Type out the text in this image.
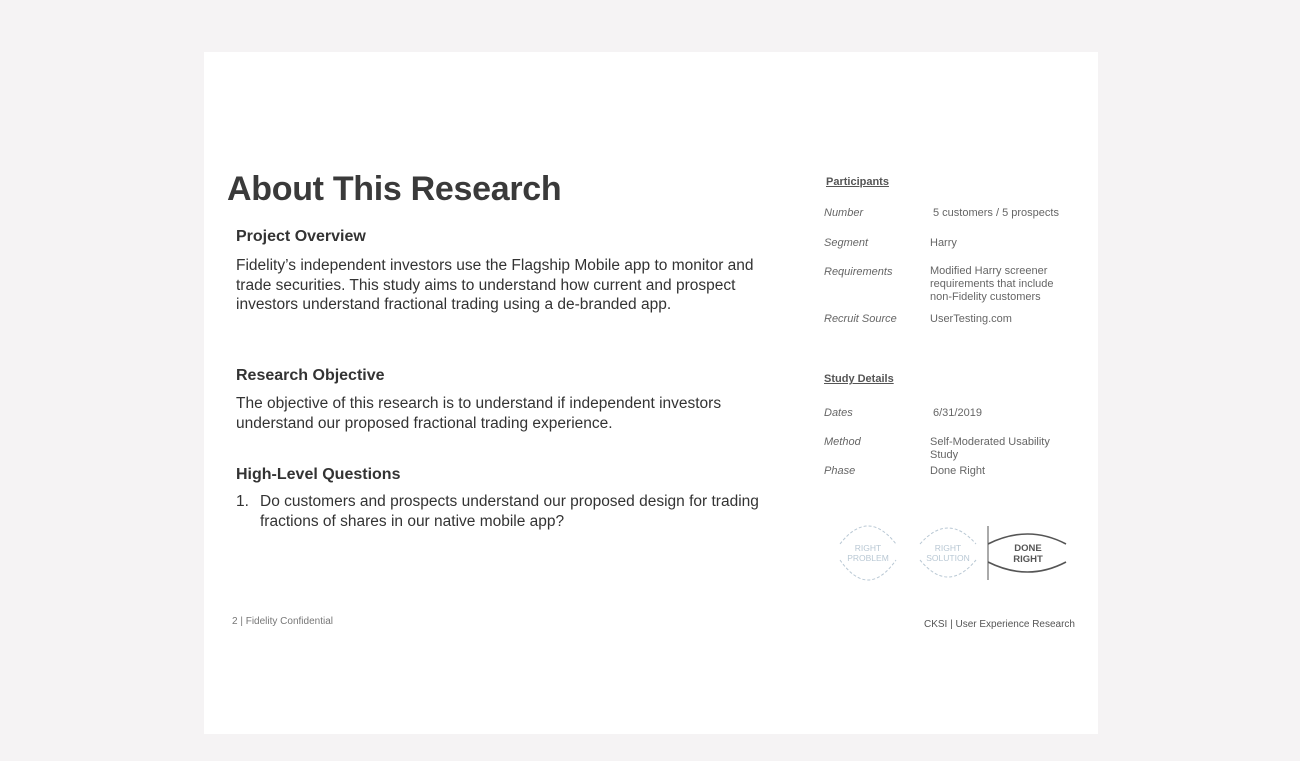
About This Research
Project Overview

Fidelity’s independent investors use the Flagship Mobile app to monitor and trade securities. This study aims to understand how current and prospect investors understand fractional trading using a de-branded app.

Research Objective

The objective of this research is to understand if independent investors understand our proposed fractional trading experience.

High-Level Questions
1. Do customers and prospects understand our proposed design for trading fractions of shares in our native mobile app?
Participants
Number	5 customers / 5 prospects
Segment	Harry
Requirements	Modified Harry screener requirements that include non-Fidelity customers
Recruit Source	UserTesting.com
Study Details
Dates	6/31/2019
Method	Self-Moderated Usability Study
Phase	Done Right
RIGHT
PROBLEM
RIGHT
SOLUTION
DONE
RIGHT
2 | Fidelity Confidential	CKSI | User Experience Research
